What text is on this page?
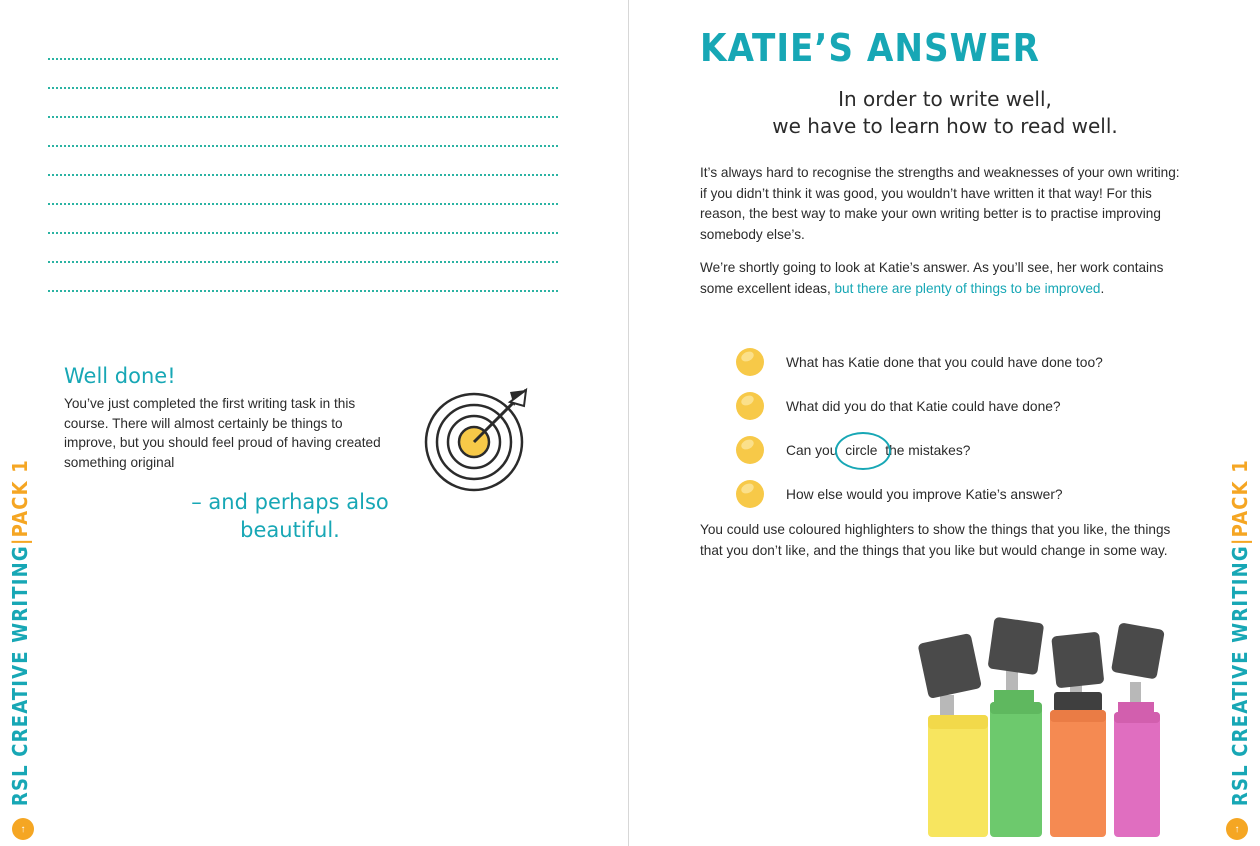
Well done!

You’ve just completed the first writing task in this course. There will almost certainly be things to improve, but you should feel proud of having created something original

– and perhaps also beautiful.
RSL CREATIVE WRITING|PACK 1
↑
KATIE’S ANSWER
In order to write well,
we have to learn how to read well.

It’s always hard to recognise the strengths and weaknesses of your own writing: if you didn’t think it was good, you wouldn’t have written it that way! For this reason, the best way to make your own writing better is to practise improving somebody else’s.

We’re shortly going to look at Katie’s answer. As you’ll see, her work contains some excellent ideas, but there are plenty of things to be improved.

What has Katie done that you could have done too?
What did you do that Katie could have done?
Can you
circle the mistakes?
How else would you improve Katie’s answer?

You could use coloured highlighters to show the things that you like, the things that you don’t like, and the things that you like but would change in some way.	RSL CREATIVE WRITING|PACK 1
↑
